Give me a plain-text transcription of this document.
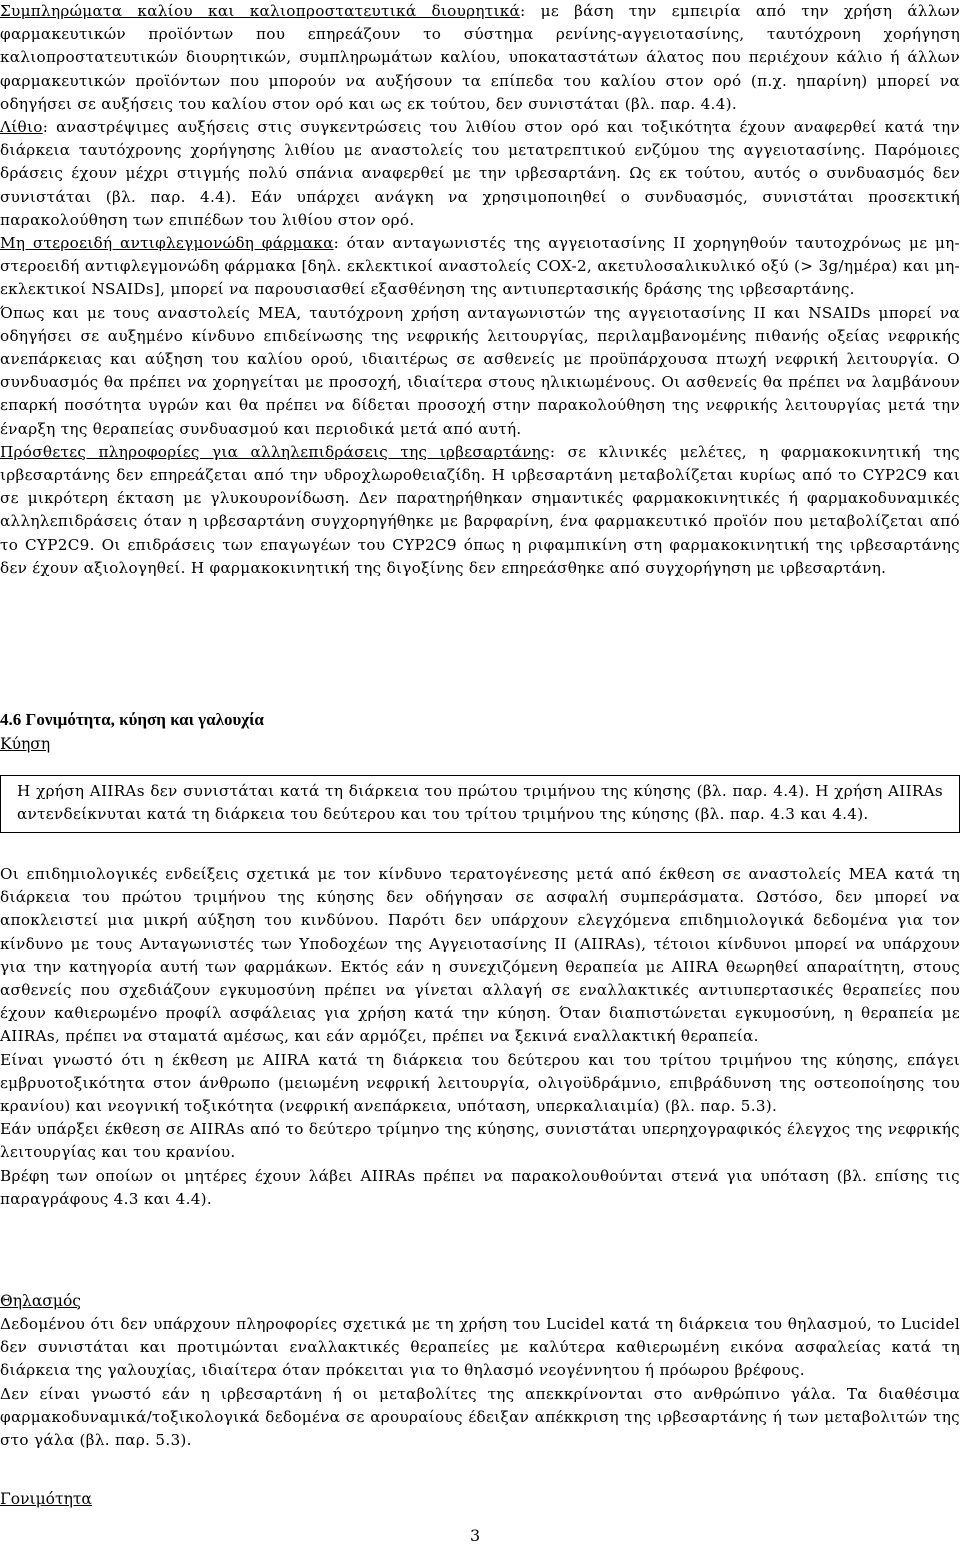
Συμπληρώματα καλίου και καλιοπροστατευτικά διουρητικά: με βάση την εμπειρία από την χρήση άλλων φαρμακευτικών προϊόντων που επηρεάζουν το σύστημα ρενίνης-αγγειοτασίνης, ταυτόχρονη χορήγηση καλιοπροστατευτικών διουρητικών, συμπληρωμάτων καλίου, υποκαταστάτων άλατος που περιέχουν κάλιο ή άλλων φαρμακευτικών προϊόντων που μπορούν να αυξήσουν τα επίπεδα του καλίου στον ορό (π.χ. ηπαρίνη) μπορεί να οδηγήσει σε αυξήσεις του καλίου στον ορό και ως εκ τούτου, δεν συνιστάται (βλ. παρ. 4.4).

Λίθιο: αναστρέψιμες αυξήσεις στις συγκεντρώσεις του λιθίου στον ορό και τοξικότητα έχουν αναφερθεί κατά την διάρκεια ταυτόχρονης χορήγησης λιθίου με αναστολείς του μετατρεπτικού ενζύμου της αγγειοτασίνης. Παρόμοιες δράσεις έχουν μέχρι στιγμής πολύ σπάνια αναφερθεί με την ιρβεσαρτάνη. Ως εκ τούτου, αυτός ο συνδυασμός δεν συνιστάται (βλ. παρ. 4.4). Εάν υπάρχει ανάγκη να χρησιμοποιηθεί ο συνδυασμός, συνιστάται προσεκτική παρακολούθηση των επιπέδων του λιθίου στον ορό.

Μη στεροειδή αντιφλεγμονώδη φάρμακα: όταν ανταγωνιστές της αγγειοτασίνης II χορηγηθούν ταυτοχρόνως με μη-στεροειδή αντιφλεγμονώδη φάρμακα [δηλ. εκλεκτικοί αναστολείς COX-2, ακετυλοσαλικυλικό οξύ (> 3g/ημέρα) και μη-εκλεκτικοί NSAIDs], μπορεί να παρουσιασθεί εξασθένηση της αντιυπερτασικής δράσης της ιρβεσαρτάνης.

Όπως και με τους αναστολείς ΜΕΑ, ταυτόχρονη χρήση ανταγωνιστών της αγγειοτασίνης II και NSAIDs μπορεί να οδηγήσει σε αυξημένο κίνδυνο επιδείνωσης της νεφρικής λειτουργίας, περιλαμβανομένης πιθανής οξείας νεφρικής ανεπάρκειας και αύξηση του καλίου ορού, ιδιαιτέρως σε ασθενείς με προϋπάρχουσα πτωχή νεφρική λειτουργία. Ο συνδυασμός θα πρέπει να χορηγείται με προσοχή, ιδιαίτερα στους ηλικιωμένους. Οι ασθενείς θα πρέπει να λαμβάνουν επαρκή ποσότητα υγρών και θα πρέπει να δίδεται προσοχή στην παρακολούθηση της νεφρικής λειτουργίας μετά την έναρξη της θεραπείας συνδυασμού και περιοδικά μετά από αυτή.

Πρόσθετες πληροφορίες για αλληλεπιδράσεις της ιρβεσαρτάνης: σε κλινικές μελέτες, η φαρμακοκινητική της ιρβεσαρτάνης δεν επηρεάζεται από την υδροχλωροθειαζίδη. Η ιρβεσαρτάνη μεταβολίζεται κυρίως από το CYP2C9 και σε μικρότερη έκταση με γλυκουρονίδωση. Δεν παρατηρήθηκαν σημαντικές φαρμακοκινητικές ή φαρμακοδυναμικές αλληλεπιδράσεις όταν η ιρβεσαρτάνη συγχορηγήθηκε με βαρφαρίνη, ένα φαρμακευτικό προϊόν που μεταβολίζεται από το CYP2C9. Οι επιδράσεις των επαγωγέων του CYP2C9 όπως η ριφαμπικίνη στη φαρμακοκινητική της ιρβεσαρτάνης δεν έχουν αξιολογηθεί. Η φαρμακοκινητική της διγοξίνης δεν επηρεάσθηκε από συγχορήγηση με ιρβεσαρτάνη.

4.6 Γονιμότητα, κύηση και γαλουχία

Κύηση

Η χρήση AIIRAs δεν συνιστάται κατά τη διάρκεια του πρώτου τριμήνου της κύησης (βλ. παρ. 4.4). Η χρήση AIIRAs αντενδείκνυται κατά τη διάρκεια του δεύτερου και του τρίτου τριμήνου της κύησης (βλ. παρ. 4.3 και 4.4).

Οι επιδημιολογικές ενδείξεις σχετικά με τον κίνδυνο τερατογένεσης μετά από έκθεση σε αναστολείς ΜΕΑ κατά τη διάρκεια του πρώτου τριμήνου της κύησης δεν οδήγησαν σε ασφαλή συμπεράσματα. Ωστόσο, δεν μπορεί να αποκλειστεί μια μικρή αύξηση του κινδύνου. Παρότι δεν υπάρχουν ελεγχόμενα επιδημιολογικά δεδομένα για τον κίνδυνο με τους Ανταγωνιστές των Υποδοχέων της Αγγειοτασίνης II (AIIRAs), τέτοιοι κίνδυνοι μπορεί να υπάρχουν για την κατηγορία αυτή των φαρμάκων. Εκτός εάν η συνεχιζόμενη θεραπεία με AIIRA θεωρηθεί απαραίτητη, στους ασθενείς που σχεδιάζουν εγκυμοσύνη πρέπει να γίνεται αλλαγή σε εναλλακτικές αντιυπερτασικές θεραπείες που έχουν καθιερωμένο προφίλ ασφάλειας για χρήση κατά την κύηση. Όταν διαπιστώνεται εγκυμοσύνη, η θεραπεία με AIIRAs, πρέπει να σταματά αμέσως, και εάν αρμόζει, πρέπει να ξεκινά εναλλακτική θεραπεία.

Είναι γνωστό ότι η έκθεση με AIIRA κατά τη διάρκεια του δεύτερου και του τρίτου τριμήνου της κύησης, επάγει εμβρυοτοξικότητα στον άνθρωπο (μειωμένη νεφρική λειτουργία, ολιγοϋδράμνιο, επιβράδυνση της οστεοποίησης του κρανίου) και νεογνική τοξικότητα (νεφρική ανεπάρκεια, υπόταση, υπερκαλιαιμία) (βλ. παρ. 5.3).

Εάν υπάρξει έκθεση σε AIIRAs από το δεύτερο τρίμηνο της κύησης, συνιστάται υπερηχογραφικός έλεγχος της νεφρικής λειτουργίας και του κρανίου.

Βρέφη των οποίων οι μητέρες έχουν λάβει AIIRAs πρέπει να παρακολουθούνται στενά για υπόταση (βλ. επίσης τις παραγράφους 4.3 και 4.4).

Θηλασμός

Δεδομένου ότι δεν υπάρχουν πληροφορίες σχετικά με τη χρήση του Lucidel κατά τη διάρκεια του θηλασμού, το Lucidel δεν συνιστάται και προτιμώνται εναλλακτικές θεραπείες με καλύτερα καθιερωμένη εικόνα ασφαλείας κατά τη διάρκεια της γαλουχίας, ιδιαίτερα όταν πρόκειται για το θηλασμό νεογέννητου ή πρόωρου βρέφους.

Δεν είναι γνωστό εάν η ιρβεσαρτάνη ή οι μεταβολίτες της απεκκρίνονται στο ανθρώπινο γάλα. Τα διαθέσιμα φαρμακοδυναμικά/τοξικολογικά δεδομένα σε αρουραίους έδειξαν απέκκριση της ιρβεσαρτάνης ή των μεταβολιτών της στο γάλα (βλ. παρ. 5.3).

Γονιμότητα

3
